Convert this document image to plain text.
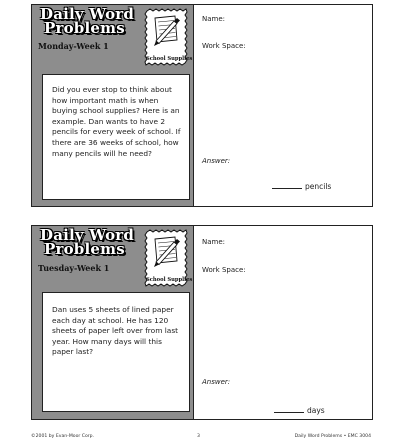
Daily Word
Problems
Monday-Week 1
School Supplies
Did you ever stop to think about how important math is when buying school supplies? Here is an example. Dan wants to have 2 pencils for every week of school. If there are 36 weeks of school, how many pencils will he need?
Name:
Work Space:
Answer:
pencils
Daily Word
Problems
Tuesday-Week 1
School Supplies
Dan uses 5 sheets of lined paper each day at school. He has 120 sheets of paper left over from last year. How many days will this paper last?
Name:
Work Space:
Answer:
days
©2001 by Evan-Moor Corp.	3	Daily Word Problems • EMC 3004
